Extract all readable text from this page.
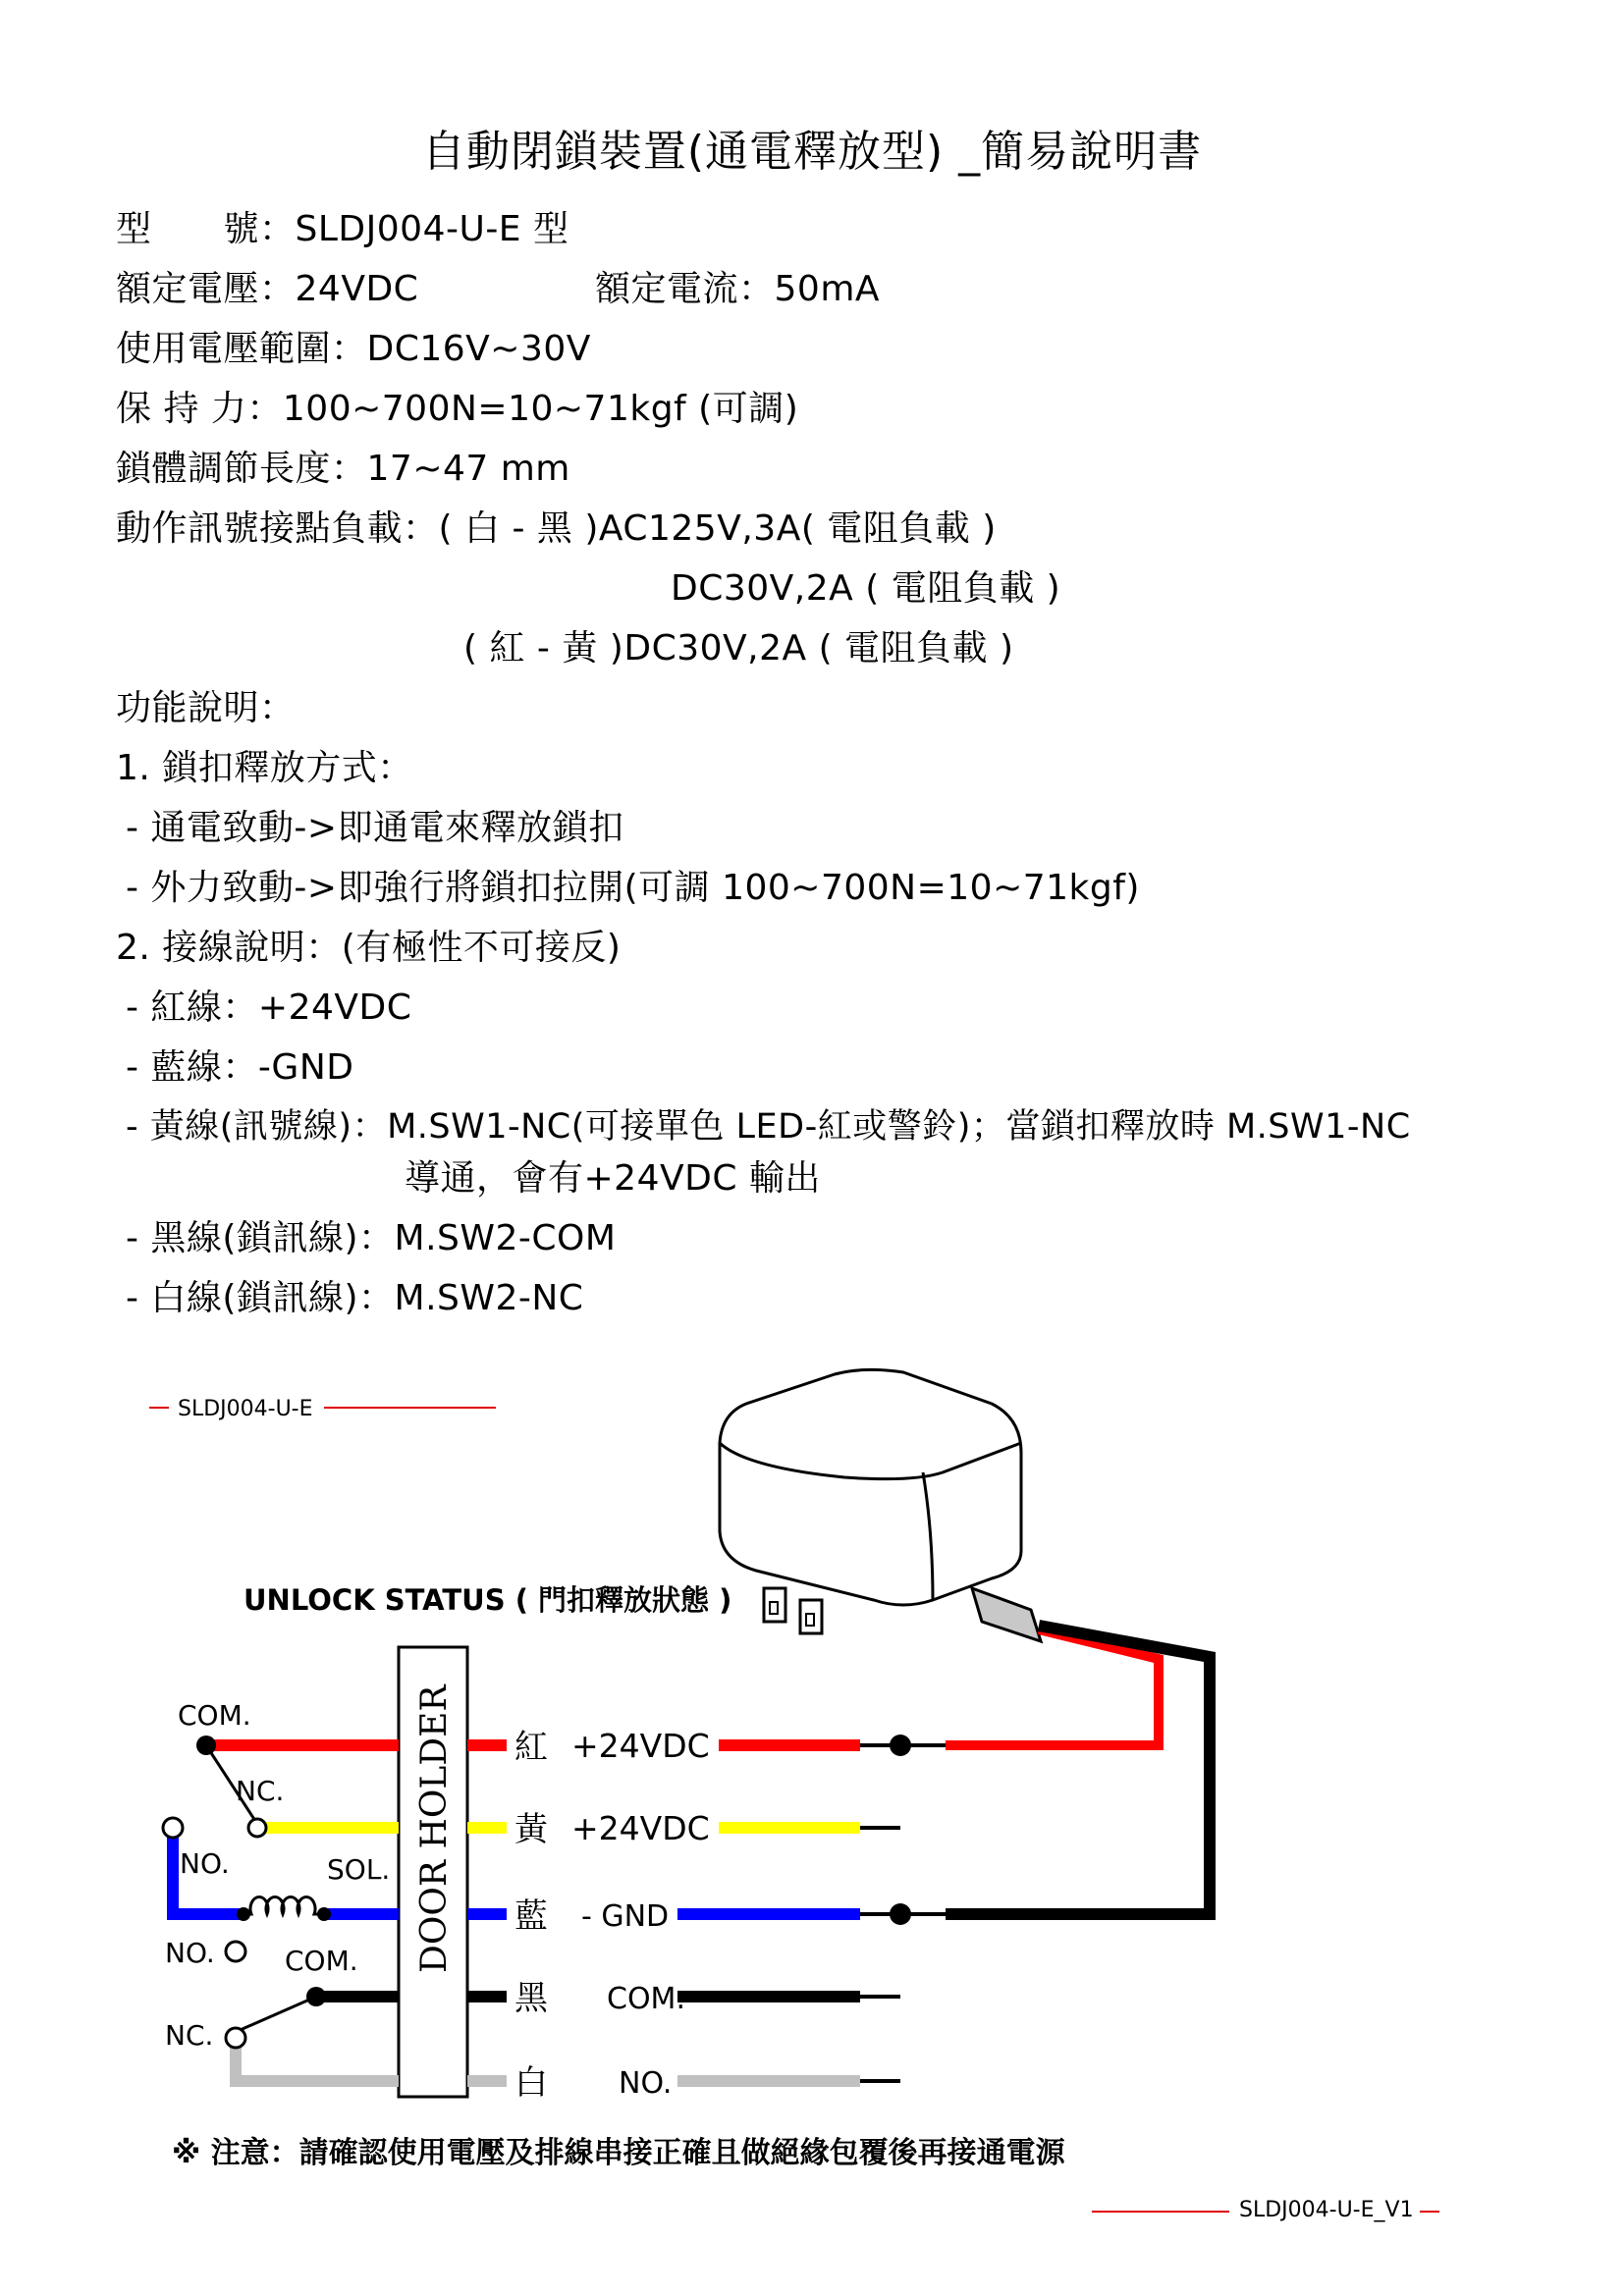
自動閉鎖裝置(通電釋放型) _簡易說明書
型　　號：SLDJ004-U-E 型
額定電壓：24VDC	額定電流：50mA
使用電壓範圍：DC16V~30V
保 持 力：100~700N=10~71kgf (可調)
鎖體調節長度：17~47 mm
動作訊號接點負載：( 白 - 黑 )AC125V,3A( 電阻負載 )
DC30V,2A ( 電阻負載 )
( 紅 - 黃 )DC30V,2A ( 電阻負載 )
功能說明：
1. 鎖扣釋放方式：
- 通電致動->即通電來釋放鎖扣
- 外力致動->即強行將鎖扣拉開(可調 100~700N=10~71kgf)
2. 接線說明：(有極性不可接反)
- 紅線：+24VDC
- 藍線：-GND
- 黃線(訊號線)：M.SW1-NC(可接單色 LED-紅或警鈴)；當鎖扣釋放時 M.SW1-NC
導通，會有+24VDC 輸出
- 黑線(鎖訊線)：M.SW2-COM
- 白線(鎖訊線)：M.SW2-NC
SLDJ004-U-E
UNLOCK STATUS ( 門扣釋放狀態 )
DOOR HOLDER
COM.
NC.
NO.	SOL.
NO.	COM.
NC.
紅
黃
藍
黑
白
+24VDC
+24VDC
- GND
COM.
NO.
※ 注意：請確認使用電壓及排線串接正確且做絕緣包覆後再接通電源
SLDJ004-U-E_V1
